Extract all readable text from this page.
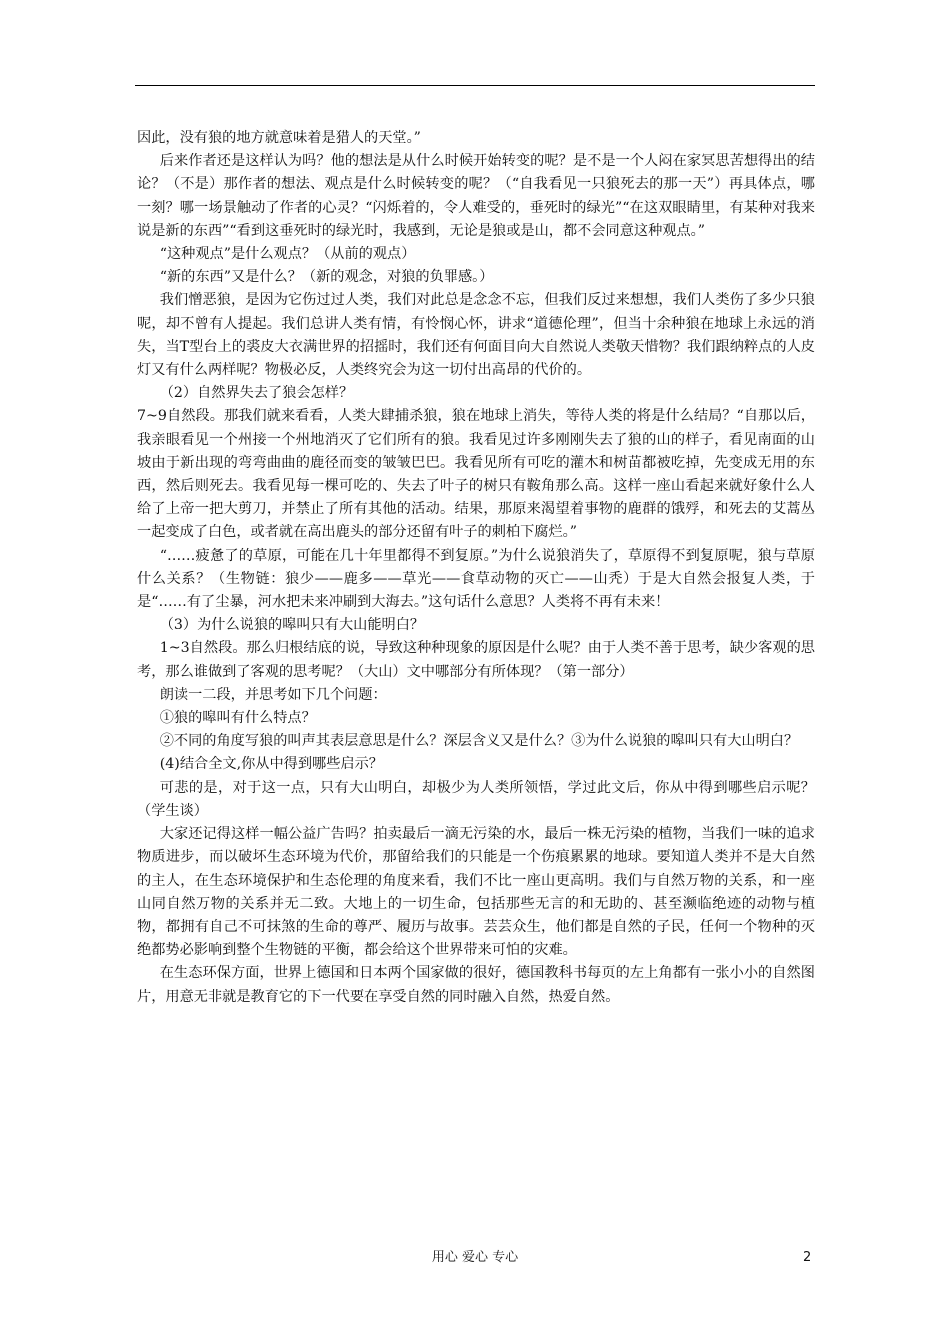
因此，没有狼的地方就意味着是猎人的天堂。”

后来作者还是这样认为吗？他的想法是从什么时候开始转变的呢？是不是一个人闷在家冥思苦想得出的结论？（不是）那作者的想法、观点是什么时候转变的呢？（“自我看见一只狼死去的那一天”）再具体点，哪一刻？哪一场景触动了作者的心灵？“闪烁着的，令人难受的，垂死时的绿光”“在这双眼睛里，有某种对我来说是新的东西”“看到这垂死时的绿光时，我感到，无论是狼或是山，都不会同意这种观点。”

“这种观点”是什么观点？（从前的观点）

“新的东西”又是什么？（新的观念，对狼的负罪感。）

我们憎恶狼，是因为它伤过过人类，我们对此总是念念不忘，但我们反过来想想，我们人类伤了多少只狼呢，却不曾有人提起。我们总讲人类有情，有怜悯心怀，讲求“道德伦理”，但当十余种狼在地球上永远的消失，当T型台上的裘皮大衣满世界的招摇时，我们还有何面目向大自然说人类敬天惜物？我们跟纳粹点的人皮灯又有什么两样呢？物极必反，人类终究会为这一切付出高昂的代价的。

（2）自然界失去了狼会怎样？

7~9自然段。那我们就来看看，人类大肆捕杀狼，狼在地球上消失，等待人类的将是什么结局？“自那以后，我亲眼看见一个州接一个州地消灭了它们所有的狼。我看见过许多刚刚失去了狼的山的样子，看见南面的山坡由于新出现的弯弯曲曲的鹿径而变的皱皱巴巴。我看见所有可吃的灌木和树苗都被吃掉，先变成无用的东西，然后则死去。我看见每一棵可吃的、失去了叶子的树只有鞍角那么高。这样一座山看起来就好象什么人给了上帝一把大剪刀，并禁止了所有其他的活动。结果，那原来渴望着事物的鹿群的饿殍，和死去的艾蒿丛一起变成了白色，或者就在高出鹿头的部分还留有叶子的刺柏下腐烂。”

“……疲惫了的草原，可能在几十年里都得不到复原。”为什么说狼消失了，草原得不到复原呢，狼与草原什么关系？（生物链：狼少——鹿多——草光——食草动物的灭亡——山秃）于是大自然会报复人类，于是“……有了尘暴，河水把未来冲刷到大海去。”这句话什么意思？人类将不再有未来！

（3）为什么说狼的嗥叫只有大山能明白？

1~3自然段。那么归根结底的说，导致这种种现象的原因是什么呢？由于人类不善于思考，缺少客观的思考，那么谁做到了客观的思考呢？（大山）文中哪部分有所体现？（第一部分）

朗读一二段，并思考如下几个问题：

①狼的嗥叫有什么特点？

②不同的角度写狼的叫声其表层意思是什么？深层含义又是什么？③为什么说狼的嗥叫只有大山明白？

(4)结合全文,你从中得到哪些启示？

可悲的是，对于这一点，只有大山明白，却极少为人类所领悟，学过此文后，你从中得到哪些启示呢？（学生谈）

大家还记得这样一幅公益广告吗？拍卖最后一滴无污染的水，最后一株无污染的植物，当我们一味的追求物质进步，而以破坏生态环境为代价，那留给我们的只能是一个伤痕累累的地球。要知道人类并不是大自然的主人，在生态环境保护和生态伦理的角度来看，我们不比一座山更高明。我们与自然万物的关系，和一座山同自然万物的关系并无二致。大地上的一切生命，包括那些无言的和无助的、甚至濒临绝迹的动物与植物，都拥有自己不可抹煞的生命的尊严、履历与故事。芸芸众生，他们都是自然的子民，任何一个物种的灭绝都势必影响到整个生物链的平衡，都会给这个世界带来可怕的灾难。

在生态环保方面，世界上德国和日本两个国家做的很好，德国教科书每页的左上角都有一张小小的自然图片，用意无非就是教育它的下一代要在享受自然的同时融入自然，热爱自然。

用心 爱心 专心	2
